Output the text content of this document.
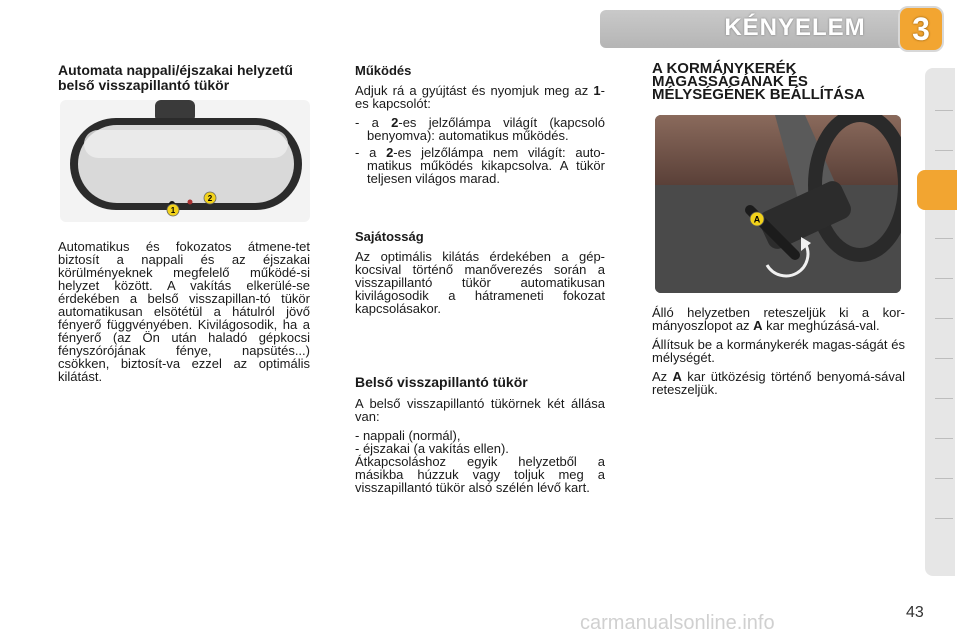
KÉNYELEM	3
Automata nappali/éjszakai helyzetű belső visszapillantó tükör
1
2

Automatikus és fokozatos átmene-tet biztosít a nappali és az éjszakai körülményeknek megfelelő működé-si helyzet között. A vakítás elkerülé-se érdekében a belső visszapillan-tó tükör automatikusan elsötétül a hátulról jövő fényerő függvényében. Kivilágosodik, ha a fényerő (az Ön után haladó gépkocsi fényszórójának fénye, napsütés...) csökken, biztosít-va ezzel az optimális kilátást.

Működés

Adjuk rá a gyújtást és nyomjuk meg az 1-es kapcsolót:

- a 2-es jelzőlámpa világít (kapcsoló benyomva): automatikus működés.
- a 2-es jelzőlámpa nem világít: auto-matikus működés kikapcsolva. A tükör teljesen világos marad.
Sajátosság

Az optimális kilátás érdekében a gép-kocsival történő manőverezés során a visszapillantó tükör automatikusan kivilágosodik a hátrameneti fokozat kapcsolásakor.

Belső visszapillantó tükör

A belső visszapillantó tükörnek két állása van:

- nappali (normál),
- éjszakai (a vakítás ellen).

Átkapcsoláshoz egyik helyzetből a másikba húzzuk vagy toljuk meg a visszapillantó tükör alsó szélén lévő kart.

A KORMÁNYKERÉK
MAGASSÁGÁNAK ÉS
MÉLYSÉGÉNEK BEÁLLÍTÁSA
A

Álló helyzetben reteszeljük ki a kor-mányoszlopot az A kar meghúzásá-val.

Állítsuk be a kormánykerék magas-ságát és mélységét.

Az A kar ütközésig történő benyomá-sával reteszeljük.

carmanualsonline.info	43
